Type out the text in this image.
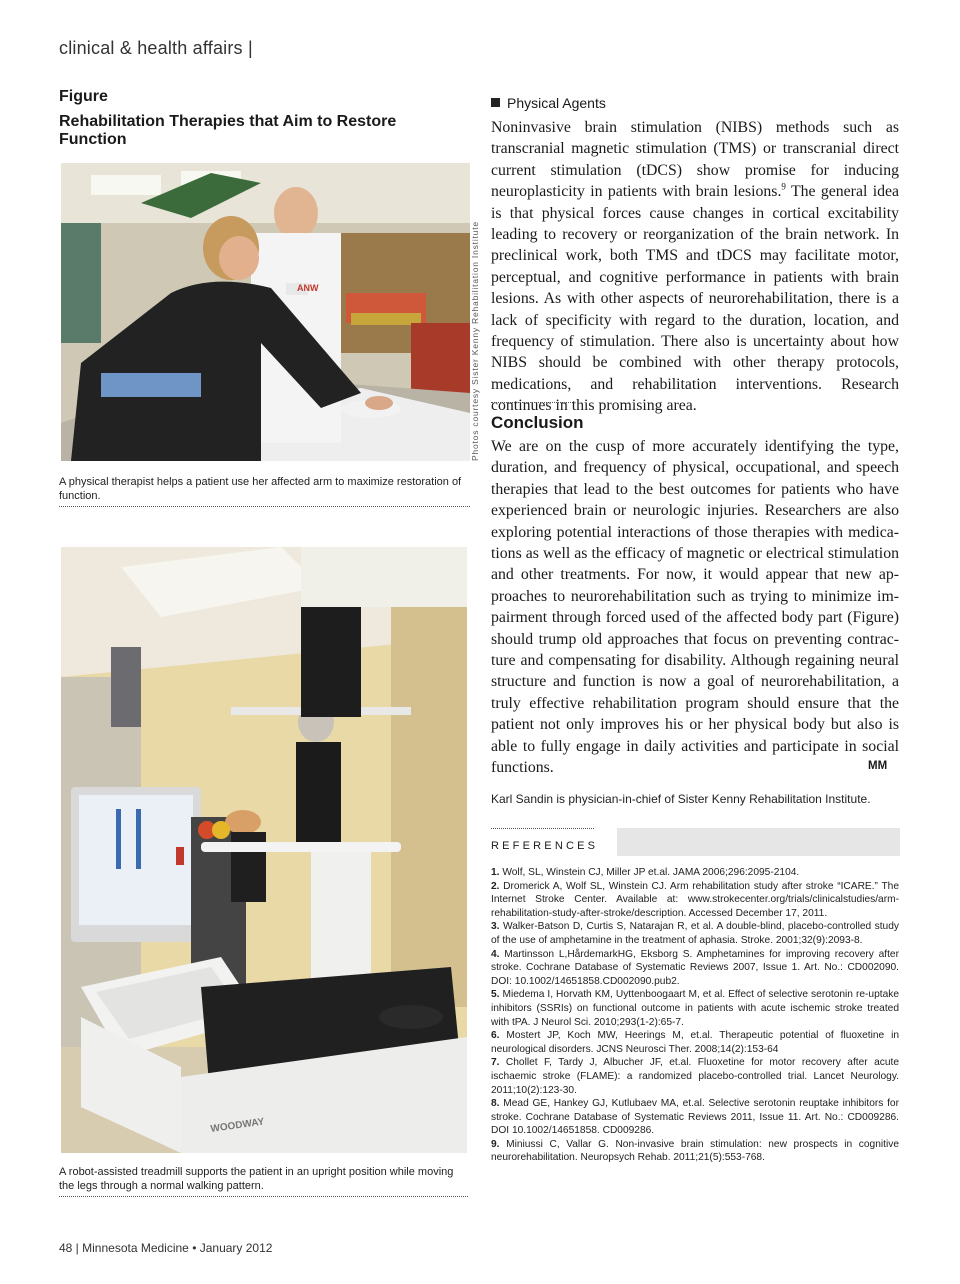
clinical & health affairs |
Figure
Rehabilitation Therapies that Aim to Restore Function
ANW	Photos courtesy Sister Kenny Rehabilitation Institute
A physical therapist helps a patient use her affected arm to maximize restoration of function.
WOODWAY
A robot-assisted treadmill supports the patient in an upright position while moving the legs through a normal walking pattern.
Physical Agents
Noninvasive brain stimulation (NIBS) methods such as transcranial magnetic stimulation (TMS) or transcranial direct current stimulation (tDCS) show promise for inducing neuroplasticity in patients with brain lesions.$^9$ The general idea is that physical forces cause changes in cortical excitability leading to recovery or reorganization of the brain network. In preclinical work, both TMS and tDCS may facilitate motor, perceptual, and cognitive performance in patients with brain lesions. As with other aspects of neurorehabilitation, there is a lack of specificity with regard to the duration, location, and frequency of stimulation. There also is uncertainty about how NIBS should be combined with other therapy protocols, medications, and rehabilitation interventions. Research continues in this promising area.
Conclusion
We are on the cusp of more accurately identifying the type, duration, and frequency of physical, occupational, and speech therapies that lead to the best outcomes for patients who have experienced brain or neurologic injuries. Researchers are also exploring potential interactions of those therapies with medications as well as the efficacy of magnetic or electrical stimulation and other treatments. For now, it would appear that new approaches to neurorehabilitation such as trying to minimize impairment through forced used of the affected body part (Figure) should trump old approaches that focus on preventing contracture and compensating for disability. Although regaining neural structure and function is now a goal of neurorehabilitation, a truly effective rehabilitation program should ensure that the patient not only improves his or her physical body but also is able to fully engage in daily activities and participate in social functions.	MM
Karl Sandin is physician-in-chief of Sister Kenny Rehabilitation Institute.
REFERENCES

1. Wolf, SL, Winstein CJ, Miller JP et.al. JAMA 2006;296:2095-2104.

2. Dromerick A, Wolf SL, Winstein CJ. Arm rehabilitation study after stroke “ICARE.” The Internet Stroke Center. Available at: www.strokecenter.org/trials/clinicalstudies/arm-rehabilitation-study-after-stroke/description. Accessed December 17, 2011.

3. Walker-Batson D, Curtis S, Natarajan R, et al. A double-blind, placebo-controlled study of the use of amphetamine in the treatment of aphasia. Stroke. 2001;32(9):2093-8.

4. Martinsson L,HårdemarkHG, Eksborg S. Amphetamines for improving recovery after stroke. Cochrane Database of Systematic Reviews 2007, Issue 1. Art. No.: CD002090. DOI: 10.1002/14651858.CD002090.pub2.

5. Miedema I, Horvath KM, Uyttenboogaart M, et al. Effect of selective serotonin re-uptake inhibitors (SSRIs) on functional outcome in patients with acute ischemic stroke treated with tPA. J Neurol Sci. 2010;293(1-2):65-7.

6. Mostert JP, Koch MW, Heerings M, et.al. Therapeutic potential of fluoxetine in neurological disorders. JCNS Neurosci Ther. 2008;14(2):153-64

7. Chollet F, Tardy J, Albucher JF, et.al. Fluoxetine for motor recovery after acute ischaemic stroke (FLAME): a randomized placebo-controlled trial. Lancet Neurology. 2011;10(2):123-30.

8. Mead GE, Hankey GJ, Kutlubaev MA, et.al. Selective serotonin reuptake inhibitors for stroke. Cochrane Database of Systematic Reviews 2011, Issue 11. Art. No.: CD009286. DOI 10.1002/14651858. CD009286.

9. Miniussi C, Vallar G. Non-invasive brain stimulation: new prospects in cognitive neurorehabilitation. Neuropsych Rehab. 2011;21(5):553-768.

48 | Minnesota Medicine • January 2012
